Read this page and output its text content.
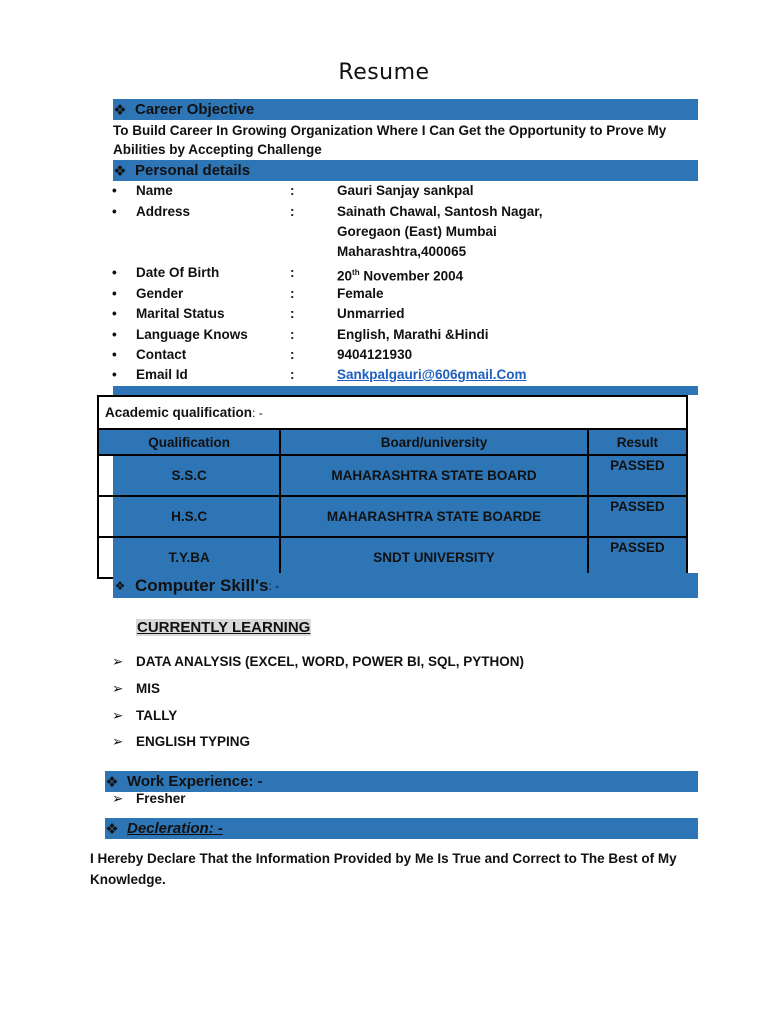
Resume
❖ Career Objective
To Build Career In Growing Organization Where I Can Get the Opportunity to Prove My Abilities by Accepting Challenge
❖ Personal details
•	Name	:	Gauri Sanjay sankpal
•	Address	:	Sainath Chawal, Santosh Nagar,
Goregaon (East) Mumbai
Maharashtra,400065
•	Date Of Birth	:	20th November 2004
•	Gender	:	Female
•	Marital Status	:	Unmarried
•	Language Knows	:	English, Marathi &Hindi
•	Contact	:	9404121930
•	Email Id	:	Sankpalgauri@606gmail.Com
Academic qualification: -		
Qualification	Board/university	Result
S.S.C	MAHARASHTRA STATE BOARD	PASSED
H.S.C	MAHARASHTRA STATE BOARDE	PASSED
T.Y.BA	SNDT UNIVERSITY	PASSED
❖ Computer Skill's : -
CURRENTLY LEARNING
➢ DATA ANALYSIS (EXCEL, WORD, POWER BI, SQL, PYTHON)
➢ MIS
➢ TALLY
➢ ENGLISH TYPING
❖ Work Experience: -
➢ Fresher
❖ Decleration: -
I Hereby Declare That the Information Provided by Me Is True and Correct to The Best of My Knowledge.
